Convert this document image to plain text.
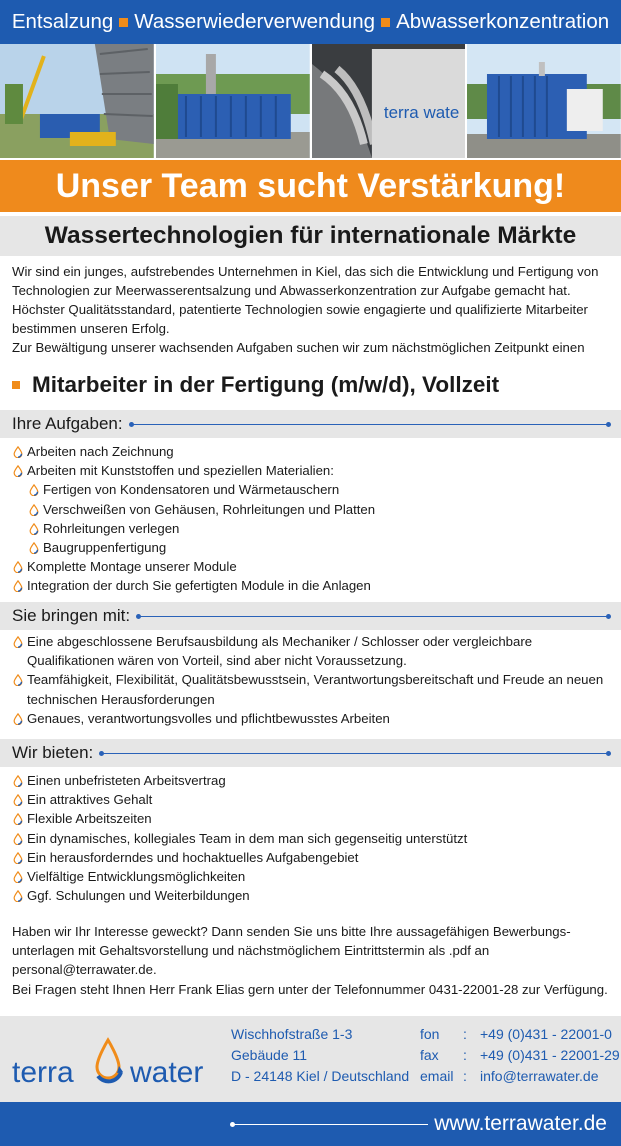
Entsalzung Wasserwiederverwendung Abwasserkonzentration
terra wate
Unser Team sucht Verstärkung!
Wassertechnologien für internationale Märkte

Wir sind ein junges, aufstrebendes Unternehmen in Kiel, das sich die Entwicklung und Fertigung von

Technologien zur Meerwasserentsalzung und Abwasserkonzentration zur Aufgabe gemacht hat.

Höchster Qualitätsstandard, patentierte Technologien sowie engagierte und qualifizierte Mitarbeiter

bestimmen unseren Erfolg.

Zur Bewältigung unserer wachsenden Aufgaben suchen wir zum nächstmöglichen Zeitpunkt einen

Mitarbeiter in der Fertigung (m/w/d), Vollzeit
Ihre Aufgaben:
Arbeiten nach Zeichnung
Arbeiten mit Kunststoffen und speziellen Materialien:
Fertigen von Kondensatoren und Wärmetauschern
Verschweißen von Gehäusen, Rohrleitungen und Platten
Rohrleitungen verlegen
Baugruppenfertigung
Komplette Montage unserer Module
Integration der durch Sie gefertigten Module in die Anlagen
Sie bringen mit:
Eine abgeschlossene Berufsausbildung als Mechaniker / Schlosser oder vergleichbare
Qualifikationen wären von Vorteil, sind aber nicht Voraussetzung.
Teamfähigkeit, Flexibilität, Qualitätsbewusstsein, Verantwortungsbereitschaft und Freude an neuen
technischen Herausforderungen
Genaues, verantwortungsvolles und pflichtbewusstes Arbeiten
Wir bieten:
Einen unbefristeten Arbeitsvertrag
Ein attraktives Gehalt
Flexible Arbeitszeiten
Ein dynamisches, kollegiales Team in dem man sich gegenseitig unterstützt
Ein herausforderndes und hochaktuelles Aufgabengebiet
Vielfältige Entwicklungsmöglichkeiten
Ggf. Schulungen und Weiterbildungen

Haben wir Ihr Interesse geweckt? Dann senden Sie uns bitte Ihre aussagefähigen Bewerbungs-

unterlagen mit Gehaltsvorstellung und nächstmöglichem Eintrittstermin als .pdf an

personal@terrawater.de.

Bei Fragen steht Ihnen Herr Frank Elias gern unter der Telefonnummer 0431-22001-28 zur Verfügung.

terra water
Wischhofstraße 1-3
Gebäude 11
D - 24148 Kiel / Deutschland
fon	: +49 (0)431 - 22001-0
fax	: +49 (0)431 - 22001-29
email : info@terrawater.de
www.terrawater.de
